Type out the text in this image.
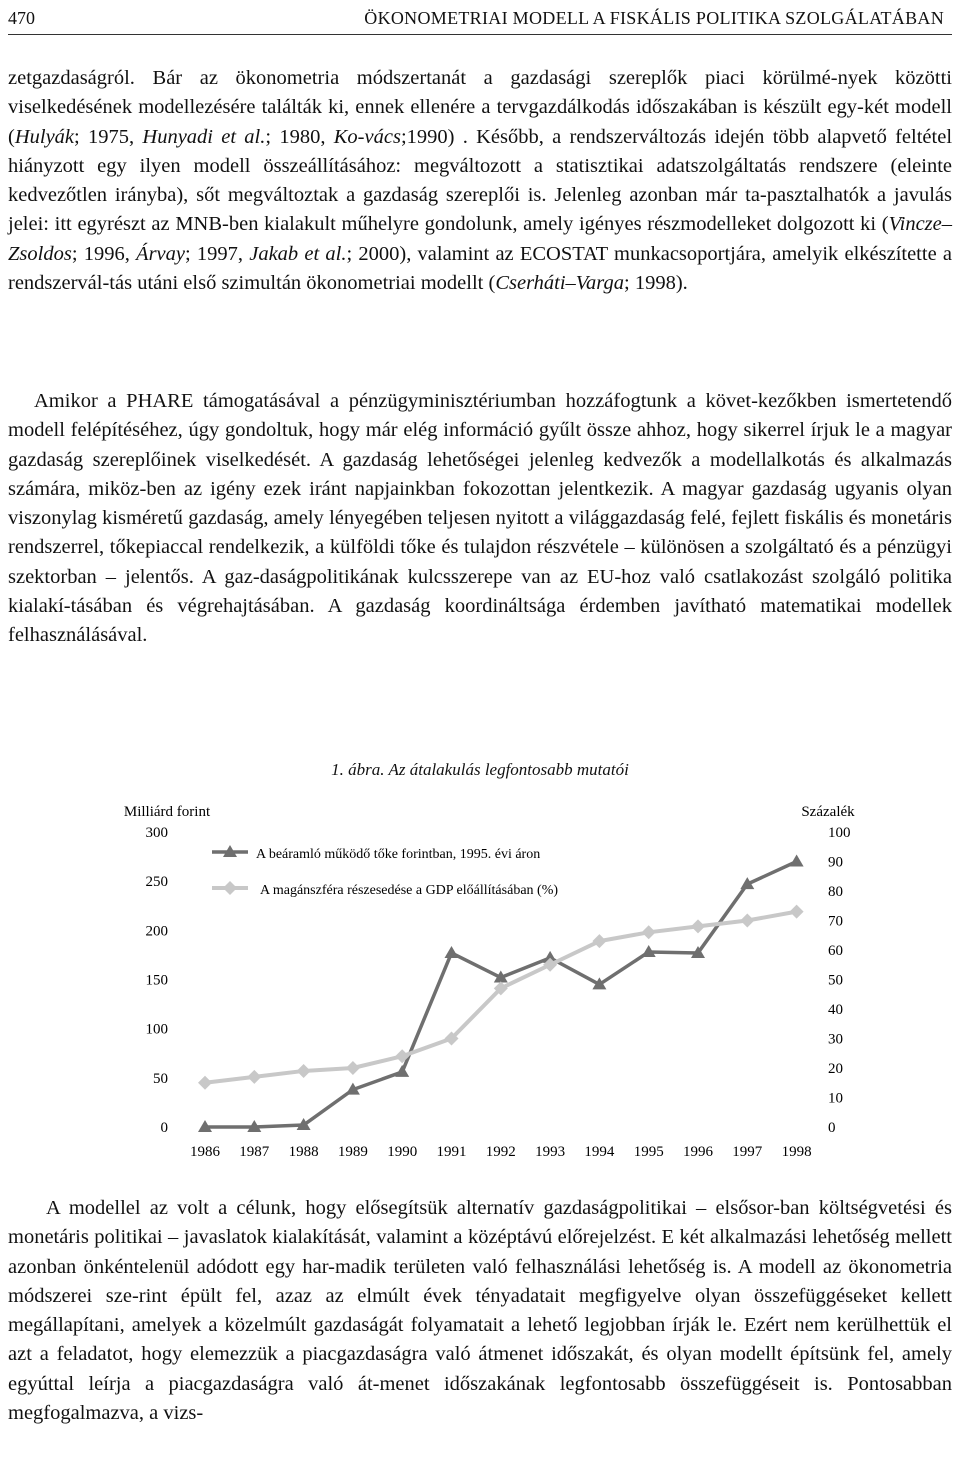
470	ÖKONOMETRIAI MODELL A FISKÁLIS POLITIKA SZOLGÁLATÁBAN

zetgazdaságról. Bár az ökonometria módszertanát a gazdasági szereplők piaci körülmé-nyek közötti viselkedésének modellezésére találták ki, ennek ellenére a tervgazdálkodás időszakában is készült egy-két modell (Hulyák; 1975, Hunyadi et al.; 1980, Ko-vács;1990) . Később, a rendszerváltozás idején több alapvető feltétel hiányzott egy ilyen modell összeállításához: megváltozott a statisztikai adatszolgáltatás rendszere (eleinte kedvezőtlen irányba), sőt megváltoztak a gazdaság szereplői is. Jelenleg azonban már ta-pasztalhatók a javulás jelei: itt egyrészt az MNB-ben kialakult műhelyre gondolunk, amely igényes részmodelleket dolgozott ki (Vincze–Zsoldos; 1996, Árvay; 1997, Jakab et al.; 2000), valamint az ECOSTAT munkacsoportjára, amelyik elkészítette a rendszervál-tás utáni első szimultán ökonometriai modellt (Cserháti–Varga; 1998).

Amikor a PHARE támogatásával a pénzügyminisztériumban hozzáfogtunk a követ-kezőkben ismertetendő modell felépítéséhez, úgy gondoltuk, hogy már elég információ gyűlt össze ahhoz, hogy sikerrel írjuk le a magyar gazdaság szereplőinek viselkedését. A gazdaság lehetőségei jelenleg kedvezők a modellalkotás és alkalmazás számára, miköz-ben az igény ezek iránt napjainkban fokozottan jelentkezik. A magyar gazdaság ugyanis olyan viszonylag kisméretű gazdaság, amely lényegében teljesen nyitott a világgazdaság felé, fejlett fiskális és monetáris rendszerrel, tőkepiaccal rendelkezik, a külföldi tőke és tulajdon részvétele – különösen a szolgáltató és a pénzügyi szektorban – jelentős. A gaz-daságpolitikának kulcsszerepe van az EU-hoz való csatlakozást szolgáló politika kialakí-tásában és végrehajtásában. A gazdaság koordináltsága érdemben javítható matematikai modellek felhasználásával.

1. ábra. Az átalakulás legfontosabb mutatói
Milliárd forint	Százalék
0
50
100
150
200
250
300
0
10
20
30
40
50
60
70
80
90
100
1986 1987 1988 1989 1990 1991 1992 1993 1994 1995 1996 1997 1998
A beáramló működő tőke forintban, 1995. évi áron
A magánszféra részesedése a GDP előállításában (%)

A modellel az volt a célunk, hogy elősegítsük alternatív gazdaságpolitikai – elsősor-ban költségvetési és monetáris politikai – javaslatok kialakítását, valamint a középtávú előrejelzést. E két alkalmazási lehetőség mellett azonban önkéntelenül adódott egy har-madik területen való felhasználási lehetőség is. A modell az ökonometria módszerei sze-rint épült fel, azaz az elmúlt évek tényadatait megfigyelve olyan összefüggéseket kellett megállapítani, amelyek a közelmúlt gazdaságát folyamatait a lehető legjobban írják le. Ezért nem kerülhettük el azt a feladatot, hogy elemezzük a piacgazdaságra való átmenet időszakát, és olyan modellt építsünk fel, amely egyúttal leírja a piacgazdaságra való át-menet időszakának legfontosabb összefüggéseit is. Pontosabban megfogalmazva, a vizs-
